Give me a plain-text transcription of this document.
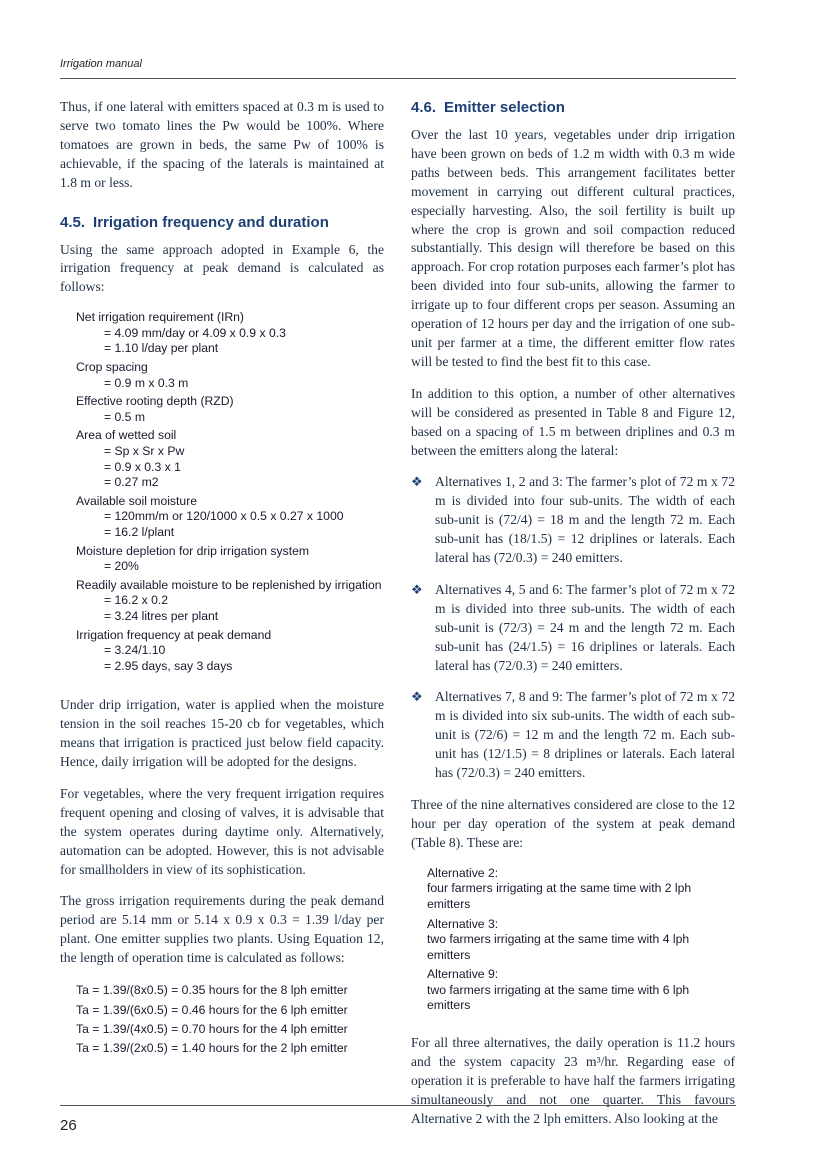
Irrigation manual

Thus, if one lateral with emitters spaced at 0.3 m is used to serve two tomato lines the Pw would be 100%. Where tomatoes are grown in beds, the same Pw of 100% is achievable, if the spacing of the laterals is maintained at 1.8 m or less.

4.5. Irrigation frequency and duration

Using the same approach adopted in Example 6, the irrigation frequency at peak demand is calculated as follows:

Net irrigation requirement (IRn)
= 4.09 mm/day or 4.09 x 0.9 x 0.3
= 1.10 l/day per plant
Crop spacing
= 0.9 m x 0.3 m
Effective rooting depth (RZD)
= 0.5 m
Area of wetted soil
= Sp x Sr x Pw
= 0.9 x 0.3 x 1
= 0.27 m2
Available soil moisture
= 120mm/m or 120/1000 x 0.5 x 0.27 x 1000
= 16.2 l/plant
Moisture depletion for drip irrigation system
= 20%
Readily available moisture to be replenished by irrigation
= 16.2 x 0.2
= 3.24 litres per plant
Irrigation frequency at peak demand
= 3.24/1.10
= 2.95 days, say 3 days

Under drip irrigation, water is applied when the moisture tension in the soil reaches 15-20 cb for vegetables, which means that irrigation is practiced just below field capacity. Hence, daily irrigation will be adopted for the designs.

For vegetables, where the very frequent irrigation requires frequent opening and closing of valves, it is advisable that the system operates during daytime only. Alternatively, automation can be adopted. However, this is not advisable for smallholders in view of its sophistication.

The gross irrigation requirements during the peak demand period are 5.14 mm or 5.14 x 0.9 x 0.3 = 1.39 l/day per plant. One emitter supplies two plants. Using Equation 12, the length of operation time is calculated as follows:

Ta = 1.39/(8x0.5) = 0.35 hours for the 8 lph emitter
Ta = 1.39/(6x0.5) = 0.46 hours for the 6 lph emitter
Ta = 1.39/(4x0.5) = 0.70 hours for the 4 lph emitter
Ta = 1.39/(2x0.5) = 1.40 hours for the 2 lph emitter
4.6. Emitter selection

Over the last 10 years, vegetables under drip irrigation have been grown on beds of 1.2 m width with 0.3 m wide paths between beds. This arrangement facilitates better movement in carrying out different cultural practices, especially harvesting. Also, the soil fertility is built up where the crop is grown and soil compaction reduced substantially. This design will therefore be based on this approach. For crop rotation purposes each farmer’s plot has been divided into four sub-units, allowing the farmer to irrigate up to four different crops per season. Assuming an operation of 12 hours per day and the irrigation of one sub-unit per farmer at a time, the different emitter flow rates will be tested to find the best fit to this case.

In addition to this option, a number of other alternatives will be considered as presented in Table 8 and Figure 12, based on a spacing of 1.5 m between driplines and 0.3 m between the emitters along the lateral:

❖ Alternatives 1, 2 and 3: The farmer’s plot of 72 m x 72 m is divided into four sub-units. The width of each sub-unit is (72/4) = 18 m and the length 72 m. Each sub-unit has (18/1.5) = 12 driplines or laterals. Each lateral has (72/0.3) = 240 emitters.
❖ Alternatives 4, 5 and 6: The farmer’s plot of 72 m x 72 m is divided into three sub-units. The width of each sub-unit is (72/3) = 24 m and the length 72 m. Each sub-unit has (24/1.5) = 16 driplines or laterals. Each lateral has (72/0.3) = 240 emitters.
❖ Alternatives 7, 8 and 9: The farmer’s plot of 72 m x 72 m is divided into six sub-units. The width of each sub-unit is (72/6) = 12 m and the length 72 m. Each sub-unit has (12/1.5) = 8 driplines or laterals. Each lateral has (72/0.3) = 240 emitters.

Three of the nine alternatives considered are close to the 12 hour per day operation of the system at peak demand (Table 8). These are:

Alternative 2:
four farmers irrigating at the same time with 2 lph emitters
Alternative 3:
two farmers irrigating at the same time with 4 lph emitters
Alternative 9:
two farmers irrigating at the same time with 6 lph emitters

For all three alternatives, the daily operation is 11.2 hours and the system capacity 23 m³/hr. Regarding ease of operation it is preferable to have half the farmers irrigating simultaneously and not one quarter. This favours Alternative 2 with the 2 lph emitters. Also looking at the

26
